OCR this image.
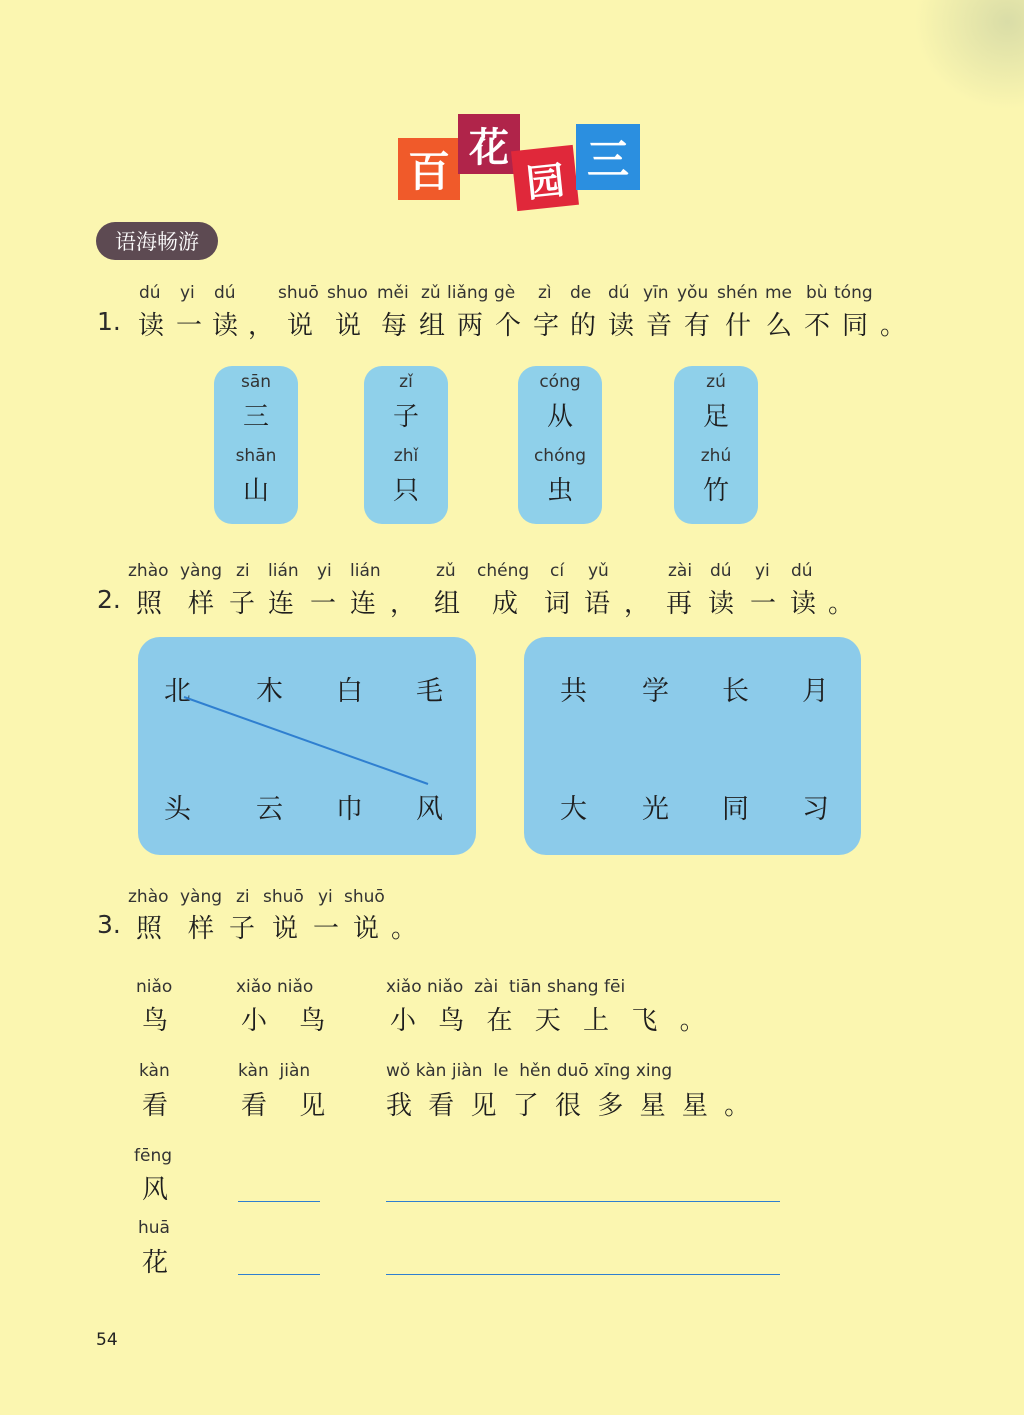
百 花
园 三
语海畅游
dú yi dú shuō shuo měi zǔ liǎng gè zì de dú yīn yǒu shén me bù tóng
1. 读 一 读 ， 说 说 每 组 两 个 字 的 读 音 有 什 么 不 同 。
sān
三
shān
山
zǐ
子
zhǐ
只
cóng
从
chóng
虫
zú
足
zhú
竹
zhào yàng zi lián yi lián	zǔ chéng cí yǔ	zài dú yi dú
2. 照 样 子 连 一 连 ， 组 成 词 语 ， 再 读 一 读 。
北 木 白 毛
头 云 巾 风
共 学 长 月
大 光 同 习
zhào yàng zi shuō yi shuō
3. 照 样 子 说 一 说 。
niǎo
鸟
xiǎo niǎo
小 鸟
xiǎo niǎo  zài  tiān shang fēi
小 鸟 在 天 上 飞 。
kàn
看
kàn  jiàn
看 见
wǒ kàn jiàn  le  hěn duō xīng xing
我 看 见 了 很 多 星 星 。
fēng
风
huā
花
54
